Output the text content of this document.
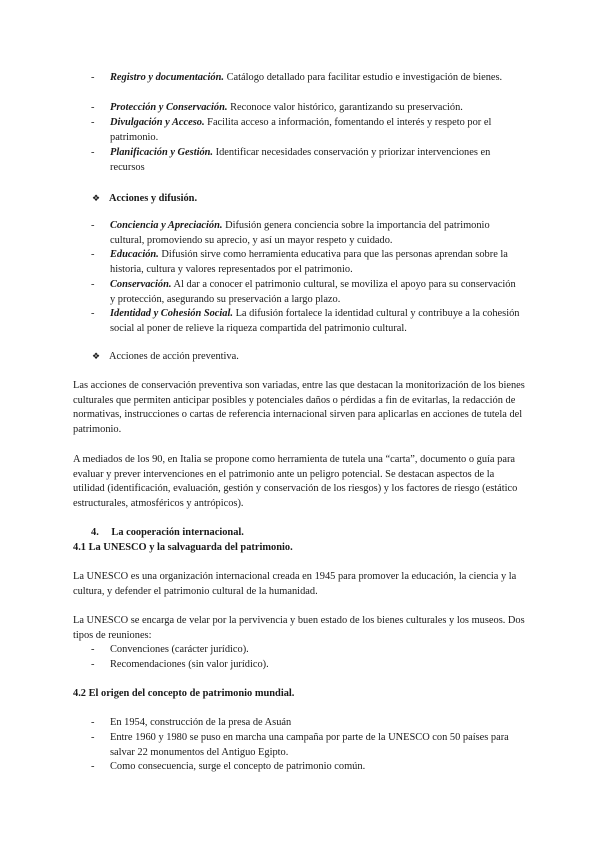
-	Registro y documentación. Catálogo detallado para facilitar estudio e investigación de bienes.
-	Protección y Conservación. Reconoce valor histórico, garantizando su preservación.
-	Divulgación y Acceso. Facilita acceso a información, fomentando el interés y respeto por el patrimonio.
-	Planificación y Gestión. Identificar necesidades conservación y priorizar intervenciones en recursos
❖ Acciones y difusión.
-	Conciencia y Apreciación. Difusión genera conciencia sobre la importancia del patrimonio cultural, promoviendo su aprecio, y así un mayor respeto y cuidado.
-	Educación. Difusión sirve como herramienta educativa para que las personas aprendan sobre la historia, cultura y valores representados por el patrimonio.
-	Conservación. Al dar a conocer el patrimonio cultural, se moviliza el apoyo para su conservación y protección, asegurando su preservación a largo plazo.
-	Identidad y Cohesión Social. La difusión fortalece la identidad cultural y contribuye a la cohesión social al poner de relieve la riqueza compartida del patrimonio cultural.
❖ Acciones de acción preventiva.
Las acciones de conservación preventiva son variadas, entre las que destacan la monitorización de los bienes culturales que permiten anticipar posibles y potenciales daños o pérdidas a fin de evitarlas, la redacción de normativas, instrucciones o cartas de referencia internacional sirven para aplicarlas en acciones de tutela del patrimonio.
A mediados de los 90, en Italia se propone como herramienta de tutela una “carta”, documento o guía para evaluar y prever intervenciones en el patrimonio ante un peligro potencial. Se destacan aspectos de la utilidad (identificación, evaluación, gestión y conservación de los riesgos) y los factores de riesgo (estático estructurales, atmosféricos y antrópicos).
4. La cooperación internacional.
4.1 La UNESCO y la salvaguarda del patrimonio.
La UNESCO es una organización internacional creada en 1945 para promover la educación, la ciencia y la cultura, y defender el patrimonio cultural de la humanidad.
La UNESCO se encarga de velar por la pervivencia y buen estado de los bienes culturales y los museos. Dos tipos de reuniones:
-	Convenciones (carácter jurídico).
-	Recomendaciones (sin valor jurídico).
4.2 El origen del concepto de patrimonio mundial.
-	En 1954, construcción de la presa de Asuán
-	Entre 1960 y 1980 se puso en marcha una campaña por parte de la UNESCO con 50 países para salvar 22 monumentos del Antiguo Egipto.
-	Como consecuencia, surge el concepto de patrimonio común.
